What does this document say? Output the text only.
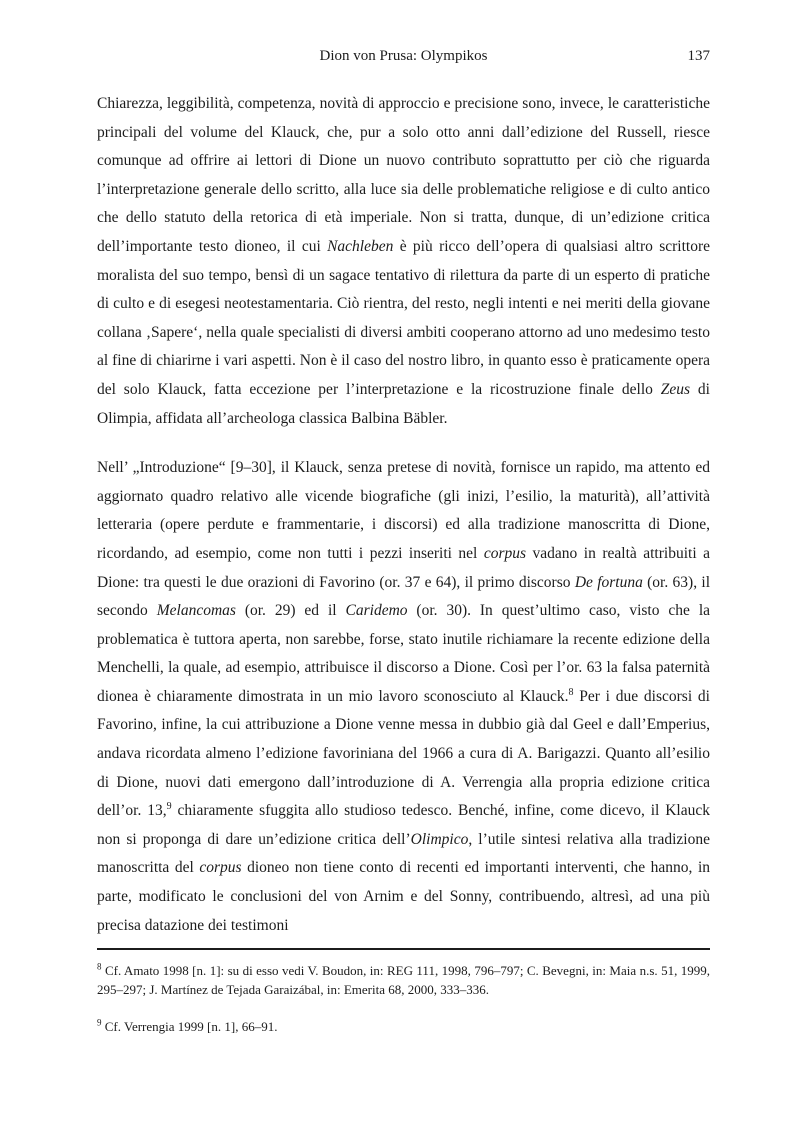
Dion von Prusa: Olympikos	137

Chiarezza, leggibilità, competenza, novità di approccio e precisione sono, invece, le caratteristiche principali del volume del Klauck, che, pur a solo otto anni dall’edizione del Russell, riesce comunque ad offrire ai lettori di Dione un nuovo contributo soprattutto per ciò che riguarda l’interpretazione generale dello scritto, alla luce sia delle problematiche religiose e di culto antico che dello statuto della retorica di età imperiale. Non si tratta, dunque, di un’edizione critica dell’importante testo dioneo, il cui Nachleben è più ricco dell’opera di qualsiasi altro scrittore moralista del suo tempo, bensì di un sagace tentativo di rilettura da parte di un esperto di pratiche di culto e di esegesi neotestamentaria. Ciò rientra, del resto, negli intenti e nei meriti della giovane collana ‚Sapere‘, nella quale specialisti di diversi ambiti cooperano attorno ad uno medesimo testo al fine di chiarirne i vari aspetti. Non è il caso del nostro libro, in quanto esso è praticamente opera del solo Klauck, fatta eccezione per l’interpretazione e la ricostruzione finale dello Zeus di Olimpia, affidata all’archeologa classica Balbina Bäbler.

Nell’ „Introduzione“ [9–30], il Klauck, senza pretese di novità, fornisce un rapido, ma attento ed aggiornato quadro relativo alle vicende biografiche (gli inizi, l’esilio, la maturità), all’attività letteraria (opere perdute e frammentarie, i discorsi) ed alla tradizione manoscritta di Dione, ricordando, ad esempio, come non tutti i pezzi inseriti nel corpus vadano in realtà attribuiti a Dione: tra questi le due orazioni di Favorino (or. 37 e 64), il primo discorso De fortuna (or. 63), il secondo Melancomas (or. 29) ed il Caridemo (or. 30). In quest’ultimo caso, visto che la problematica è tuttora aperta, non sarebbe, forse, stato inutile richiamare la recente edizione della Menchelli, la quale, ad esempio, attribuisce il discorso a Dione. Così per l’or. 63 la falsa paternità dionea è chiaramente dimostrata in un mio lavoro sconosciuto al Klauck.$^8$ Per i due discorsi di Favorino, infine, la cui attribuzione a Dione venne messa in dubbio già dal Geel e dall’Emperius, andava ricordata almeno l’edizione favoriniana del 1966 a cura di A. Barigazzi. Quanto all’esilio di Dione, nuovi dati emergono dall’introduzione di A. Verrengia alla propria edizione critica dell’or. 13,$^9$ chiaramente sfuggita allo studioso tedesco. Benché, infine, come dicevo, il Klauck non si proponga di dare un’edizione critica dell’Olimpico, l’utile sintesi relativa alla tradizione manoscritta del corpus dioneo non tiene conto di recenti ed importanti interventi, che hanno, in parte, modificato le conclusioni del von Arnim e del Sonny, contribuendo, altresì, ad una più precisa datazione dei testimoni

$^8$ Cf. Amato 1998 [n. 1]: su di esso vedi V. Boudon, in: REG 111, 1998, 796–797; C. Bevegni, in: Maia n.s. 51, 1999, 295–297; J. Martínez de Tejada Garaizábal, in: Emerita 68, 2000, 333–336.

$^9$ Cf. Verrengia 1999 [n. 1], 66–91.
